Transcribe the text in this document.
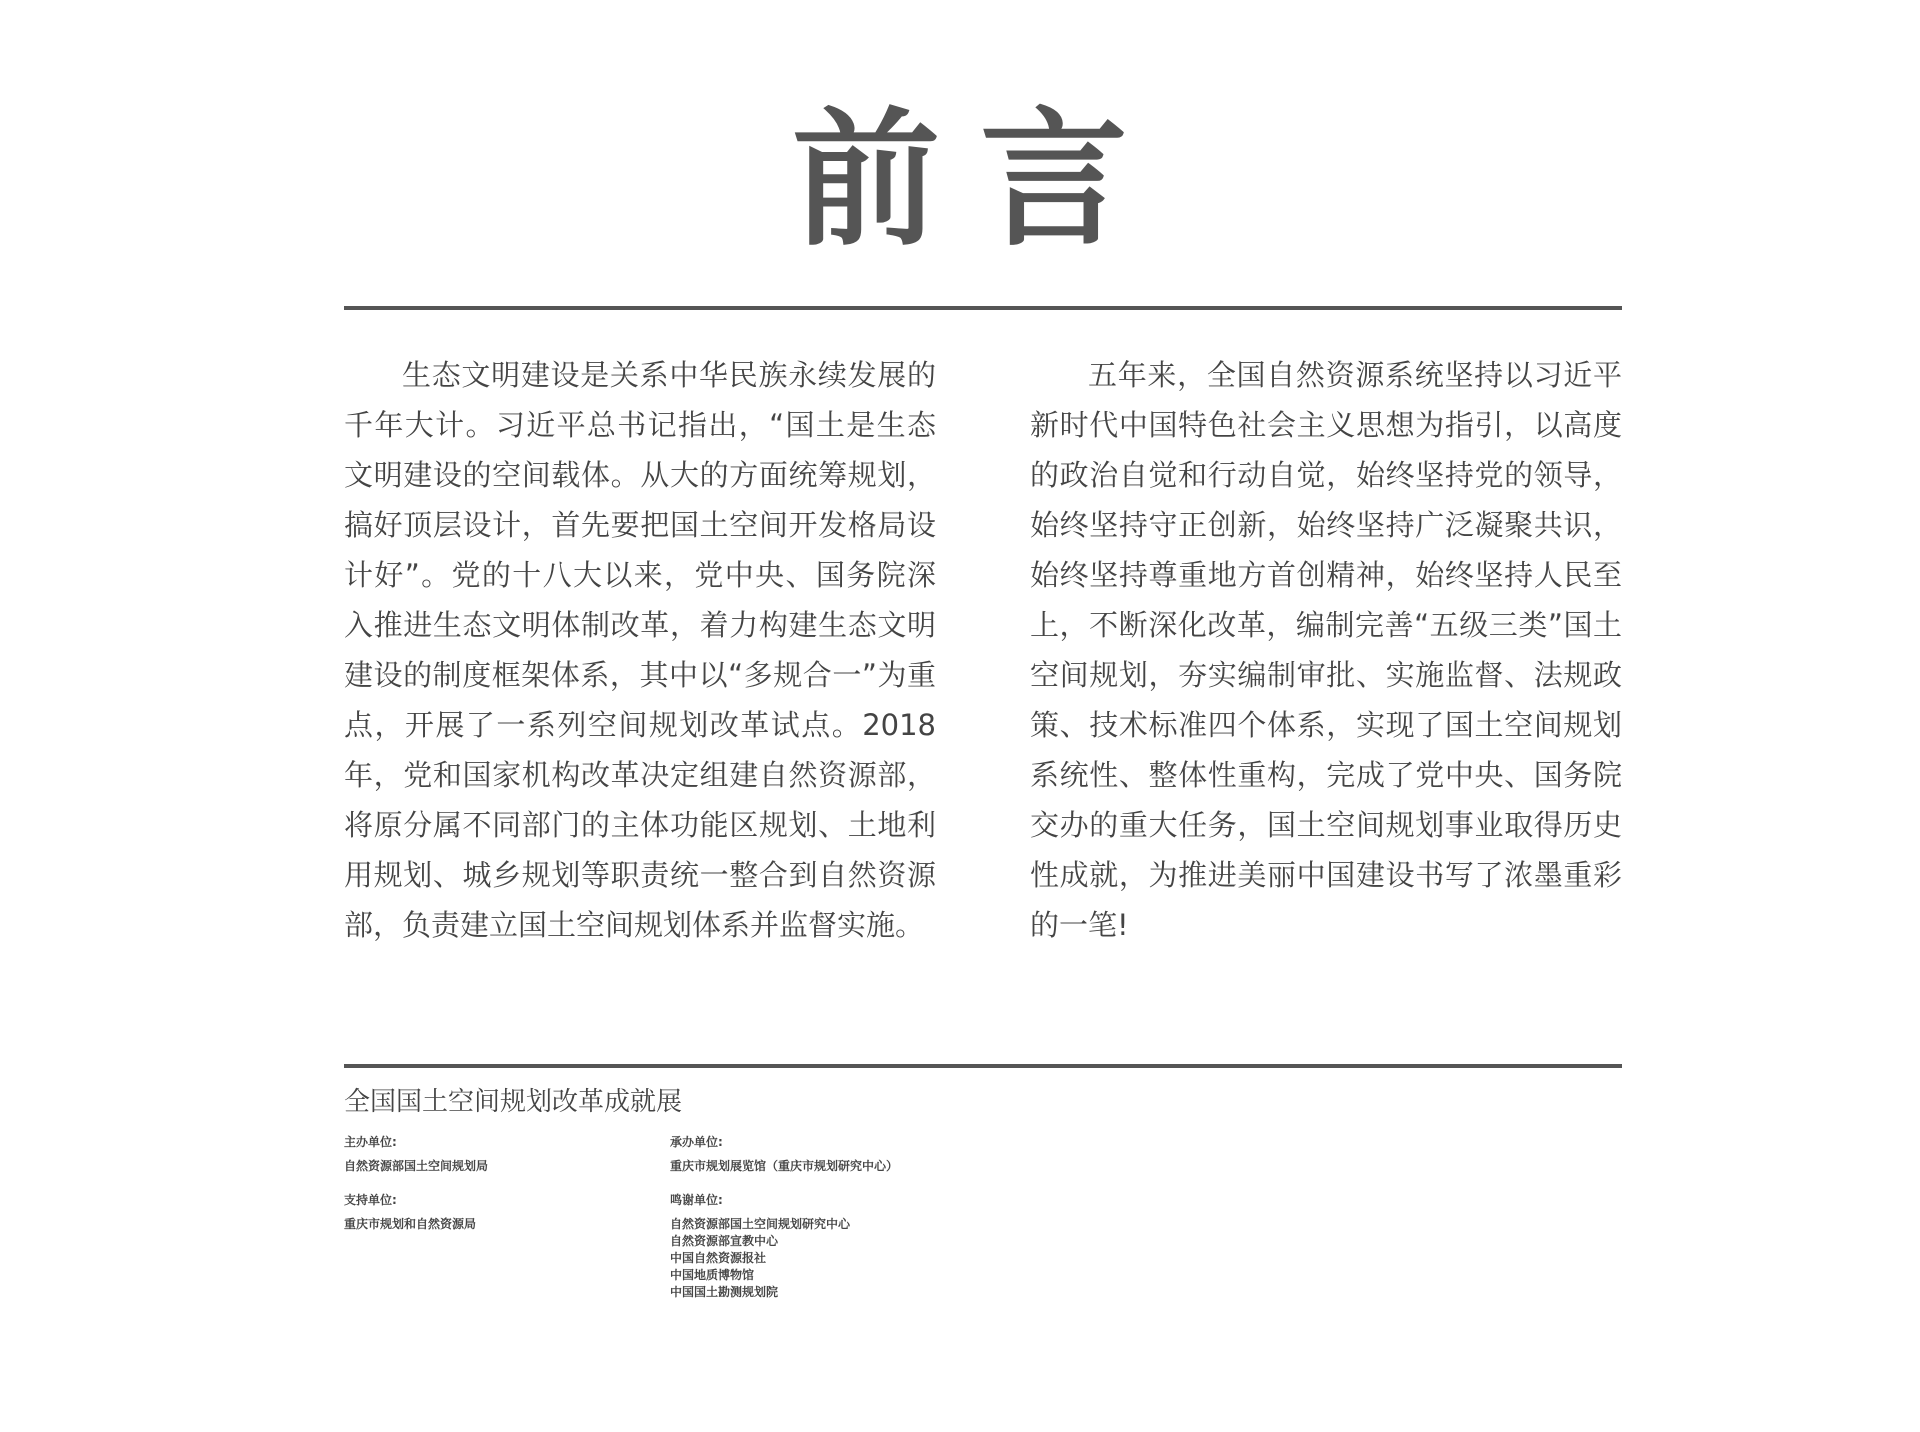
前言
生态文明建设是关系中华民族永续发展的千年大计。习近平总书记指出，“国土是生态文明建设的空间载体。从大的方面统筹规划，搞好顶层设计，首先要把国土空间开发格局设计好”。党的十八大以来，党中央、国务院深入推进生态文明体制改革，着力构建生态文明建设的制度框架体系，其中以“多规合一”为重点，开展了一系列空间规划改革试点。2018年，党和国家机构改革决定组建自然资源部，将原分属不同部门的主体功能区规划、土地利用规划、城乡规划等职责统一整合到自然资源部，负责建立国土空间规划体系并监督实施。
五年来，全国自然资源系统坚持以习近平新时代中国特色社会主义思想为指引，以高度的政治自觉和行动自觉，始终坚持党的领导，始终坚持守正创新，始终坚持广泛凝聚共识，始终坚持尊重地方首创精神，始终坚持人民至上，不断深化改革，编制完善“五级三类”国土空间规划，夯实编制审批、实施监督、法规政策、技术标准四个体系，实现了国土空间规划系统性、整体性重构，完成了党中央、国务院交办的重大任务，国土空间规划事业取得历史性成就，为推进美丽中国建设书写了浓墨重彩的一笔!
全国国土空间规划改革成就展
主办单位:
自然资源部国土空间规划局
承办单位:
重庆市规划展览馆（重庆市规划研究中心）
支持单位:
重庆市规划和自然资源局
鸣谢单位:
自然资源部国土空间规划研究中心
自然资源部宣教中心
中国自然资源报社
中国地质博物馆
中国国土勘测规划院
